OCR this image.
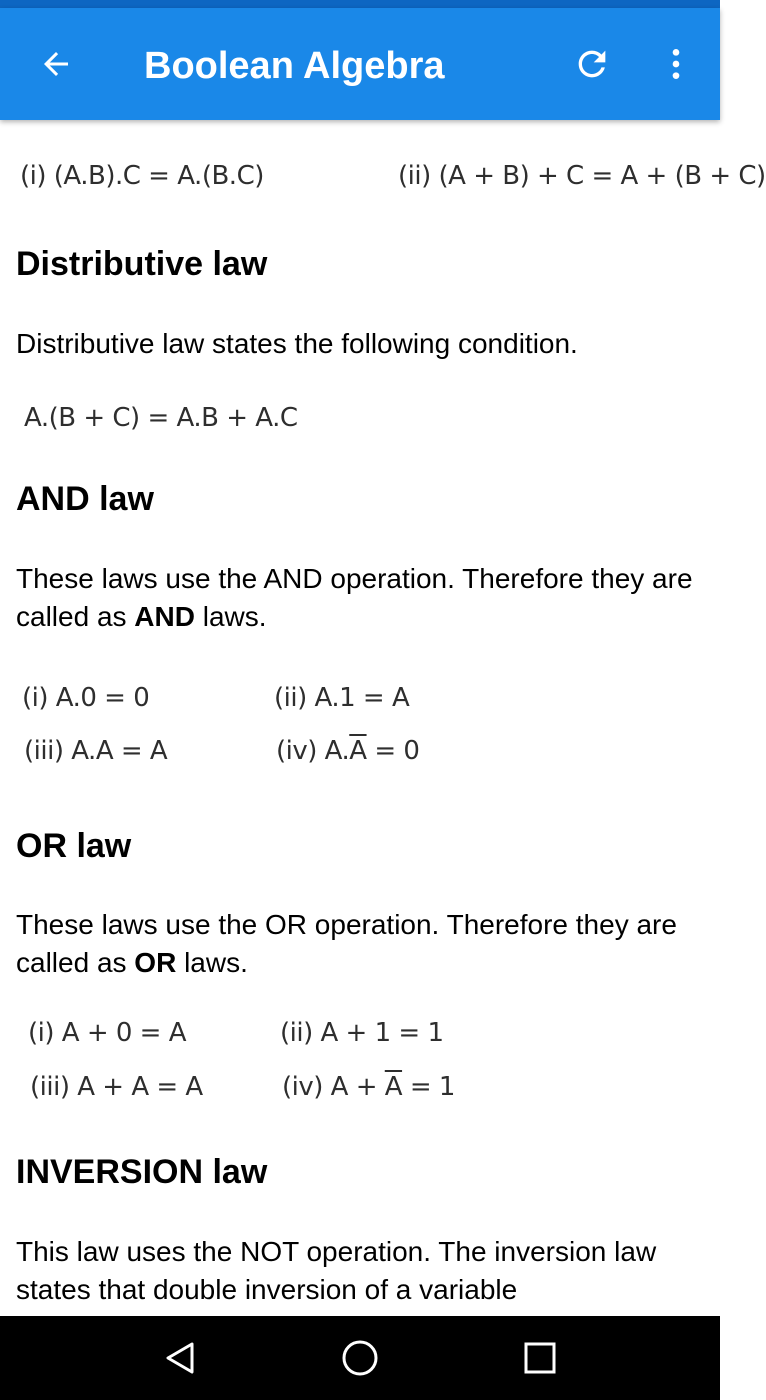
Boolean Algebra
(i) (A.B).C = A.(B.C)	(ii) (A + B) + C = A + (B + C)
Distributive law
Distributive law states the following condition.
A.(B + C) = A.B + A.C
AND law
These laws use the AND operation. Therefore they are called as AND laws.
(i) A.0 = 0	(ii) A.1 = A
(iii) A.A = A	(iv) $A.\overline{A} = 0$
OR law
These laws use the OR operation. Therefore they are called as OR laws.
(i) A + 0 = A	(ii) A + 1 = 1
(iii) A + A = A	(iv) $A + \overline{A} = 1$
INVERSION law
This law uses the NOT operation. The inversion law states that double inversion of a variable
